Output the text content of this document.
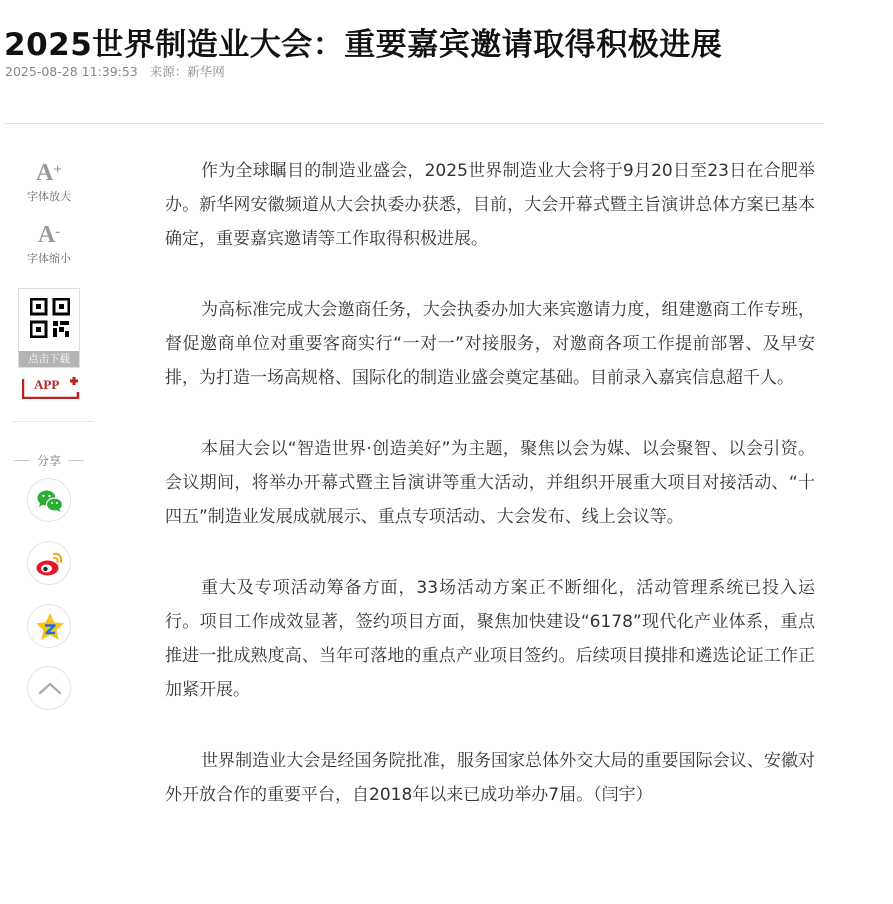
2025世界制造业大会：重要嘉宾邀请取得积极进展
2025-08-28 11:39:53 来源：新华网
A+
字体放大
A-
字体缩小
点击下载
APP
分享

作为全球瞩目的制造业盛会，2025世界制造业大会将于9月20日至23日在合肥举办。新华网安徽频道从大会执委办获悉，目前，大会开幕式暨主旨演讲总体方案已基本确定，重要嘉宾邀请等工作取得积极进展。

为高标准完成大会邀商任务，大会执委办加大来宾邀请力度，组建邀商工作专班，督促邀商单位对重要客商实行“一对一”对接服务，对邀商各项工作提前部署、及早安排，为打造一场高规格、国际化的制造业盛会奠定基础。目前录入嘉宾信息超千人。

本届大会以“智造世界·创造美好”为主题，聚焦以会为媒、以会聚智、以会引资。会议期间，将举办开幕式暨主旨演讲等重大活动，并组织开展重大项目对接活动、“十四五”制造业发展成就展示、重点专项活动、大会发布、线上会议等。

重大及专项活动筹备方面，33场活动方案正不断细化，活动管理系统已投入运行。项目工作成效显著，签约项目方面，聚焦加快建设“6178”现代化产业体系，重点推进一批成熟度高、当年可落地的重点产业项目签约。后续项目摸排和遴选论证工作正加紧开展。

世界制造业大会是经国务院批准，服务国家总体外交大局的重要国际会议、安徽对外开放合作的重要平台，自2018年以来已成功举办7届。（闫宇）
